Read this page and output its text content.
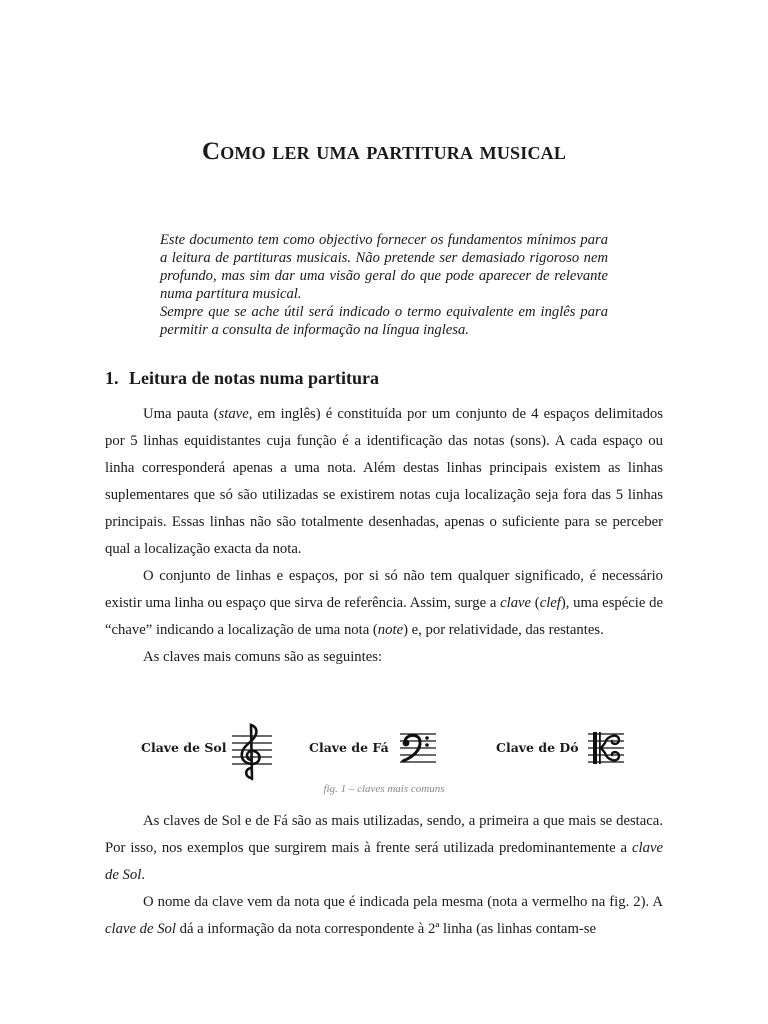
Como ler uma partitura musical

Este documento tem como objectivo fornecer os fundamentos mínimos para a leitura de partituras musicais. Não pretende ser demasiado rigoroso nem profundo, mas sim dar uma visão geral do que pode aparecer de relevante numa partitura musical.

Sempre que se ache útil será indicado o termo equivalente em inglês para permitir a consulta de informação na língua inglesa.

1. Leitura de notas numa partitura

Uma pauta (stave, em inglês) é constituída por um conjunto de 4 espaços delimitados por 5 linhas equidistantes cuja função é a identificação das notas (sons). A cada espaço ou linha corresponderá apenas a uma nota. Além destas linhas principais existem as linhas suplementares que só são utilizadas se existirem notas cuja localização seja fora das 5 linhas principais. Essas linhas não são totalmente desenhadas, apenas o suficiente para se perceber qual a localização exacta da nota.

O conjunto de linhas e espaços, por si só não tem qualquer significado, é necessário existir uma linha ou espaço que sirva de referência. Assim, surge a clave (clef), uma espécie de “chave” indicando a localização de uma nota (note) e, por relatividade, das restantes.

As claves mais comuns são as seguintes:

Clave de Sol	Clave de Fá	Clave de Dó
fig. 1 – claves mais comuns

As claves de Sol e de Fá são as mais utilizadas, sendo, a primeira a que mais se destaca. Por isso, nos exemplos que surgirem mais à frente será utilizada predominantemente a clave de Sol.

O nome da clave vem da nota que é indicada pela mesma (nota a vermelho na fig. 2). A clave de Sol dá a informação da nota correspondente à 2ª linha (as linhas contam-se
